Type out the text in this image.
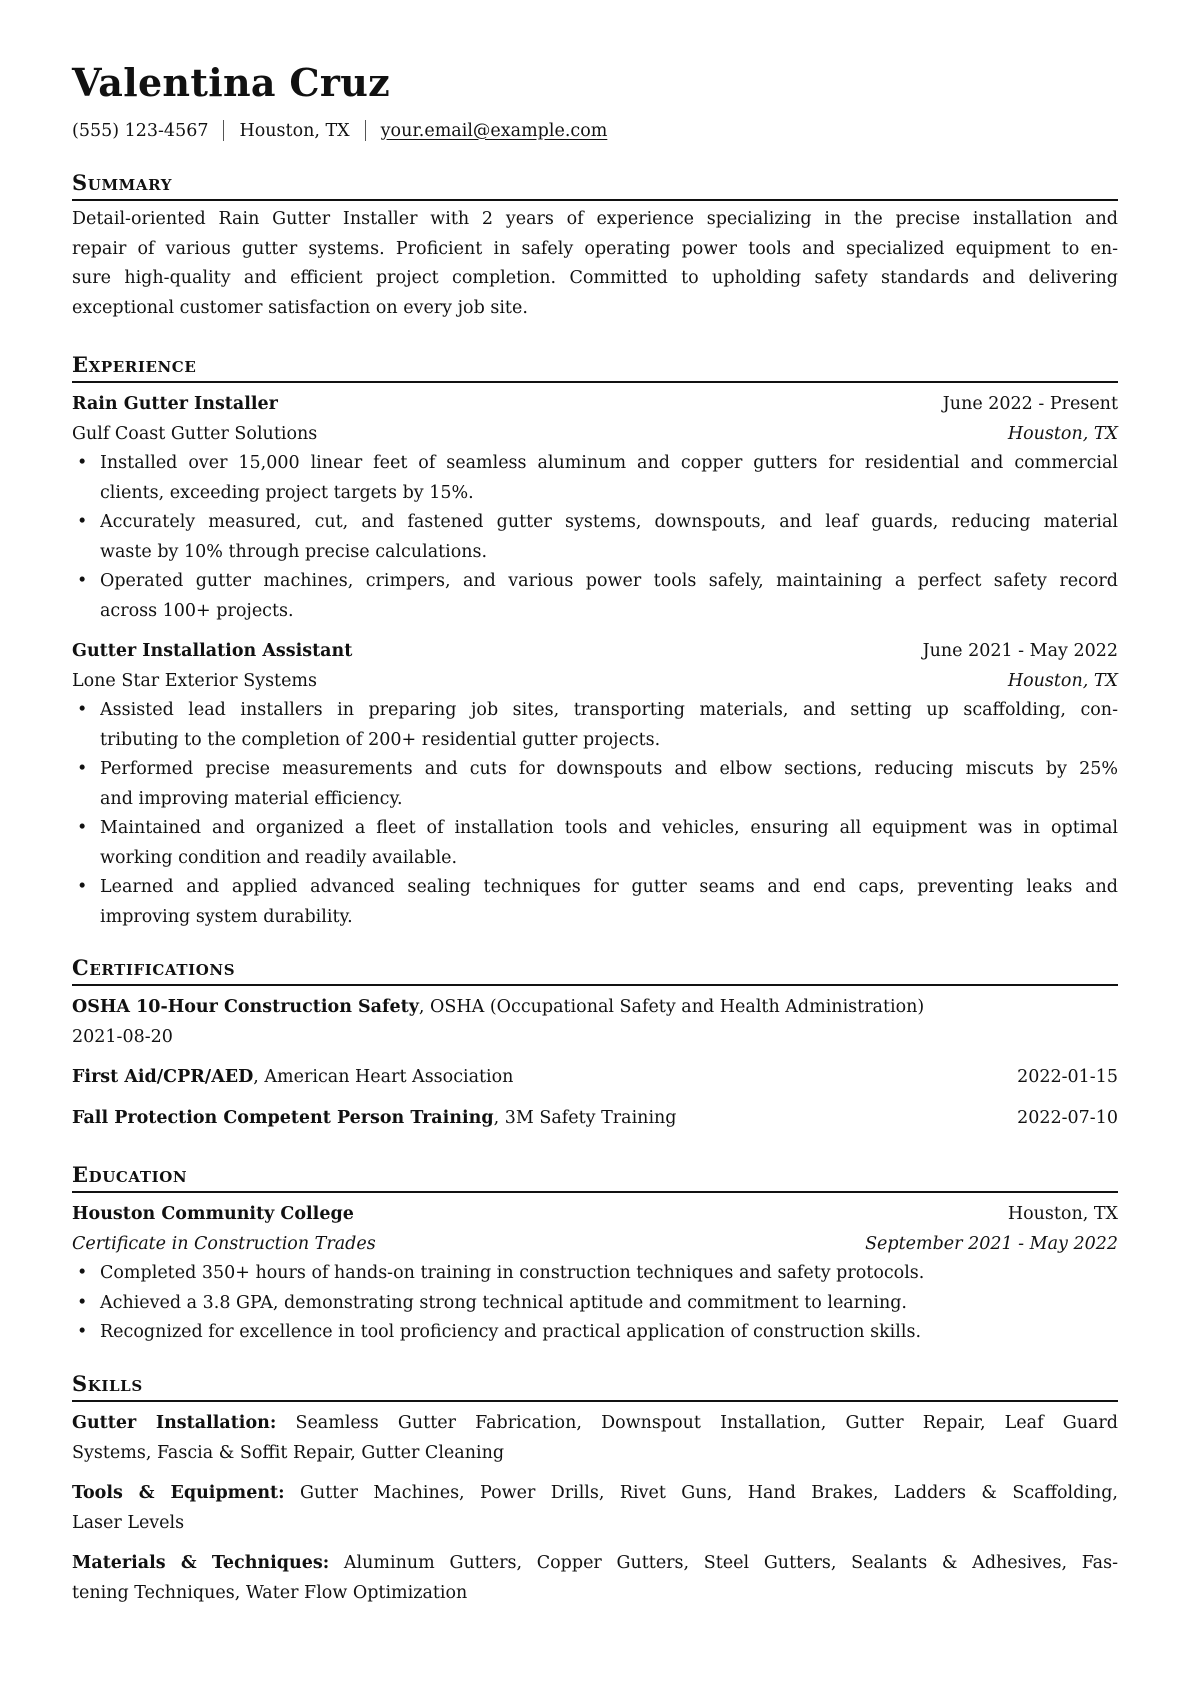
Valentina Cruz
(555) 123-4567 Houston, TX your.email@example.com
Summary
Detail-oriented Rain Gutter Installer with 2 years of experience specializing in the precise installation and
repair of various gutter systems. Proficient in safely operating power tools and specialized equipment to en-
sure high-quality and efficient project completion. Committed to upholding safety standards and delivering
exceptional customer satisfaction on every job site.
Experience
Rain Gutter Installer	June 2022 - Present
Gulf Coast Gutter Solutions	Houston, TX
• Installed over 15,000 linear feet of seamless aluminum and copper gutters for residential and commercial
clients, exceeding project targets by 15%.
• Accurately measured, cut, and fastened gutter systems, downspouts, and leaf guards, reducing material
waste by 10% through precise calculations.
• Operated gutter machines, crimpers, and various power tools safely, maintaining a perfect safety record
across 100+ projects.
Gutter Installation Assistant	June 2021 - May 2022
Lone Star Exterior Systems	Houston, TX
• Assisted lead installers in preparing job sites, transporting materials, and setting up scaffolding, con-
tributing to the completion of 200+ residential gutter projects.
• Performed precise measurements and cuts for downspouts and elbow sections, reducing miscuts by 25%
and improving material efficiency.
• Maintained and organized a fleet of installation tools and vehicles, ensuring all equipment was in optimal
working condition and readily available.
• Learned and applied advanced sealing techniques for gutter seams and end caps, preventing leaks and
improving system durability.
Certifications
OSHA 10-Hour Construction Safety, OSHA (Occupational Safety and Health Administration)
2021-08-20
First Aid/CPR/AED, American Heart Association	2022-01-15
Fall Protection Competent Person Training, 3M Safety Training	2022-07-10
Education
Houston Community College	Houston, TX
Certificate in Construction Trades	September 2021 - May 2022
• Completed 350+ hours of hands-on training in construction techniques and safety protocols.
• Achieved a 3.8 GPA, demonstrating strong technical aptitude and commitment to learning.
• Recognized for excellence in tool proficiency and practical application of construction skills.
Skills
Gutter Installation: Seamless Gutter Fabrication, Downspout Installation, Gutter Repair, Leaf Guard
Systems, Fascia & Soffit Repair, Gutter Cleaning
Tools & Equipment: Gutter Machines, Power Drills, Rivet Guns, Hand Brakes, Ladders & Scaffolding,
Laser Levels
Materials & Techniques: Aluminum Gutters, Copper Gutters, Steel Gutters, Sealants & Adhesives, Fas-
tening Techniques, Water Flow Optimization
